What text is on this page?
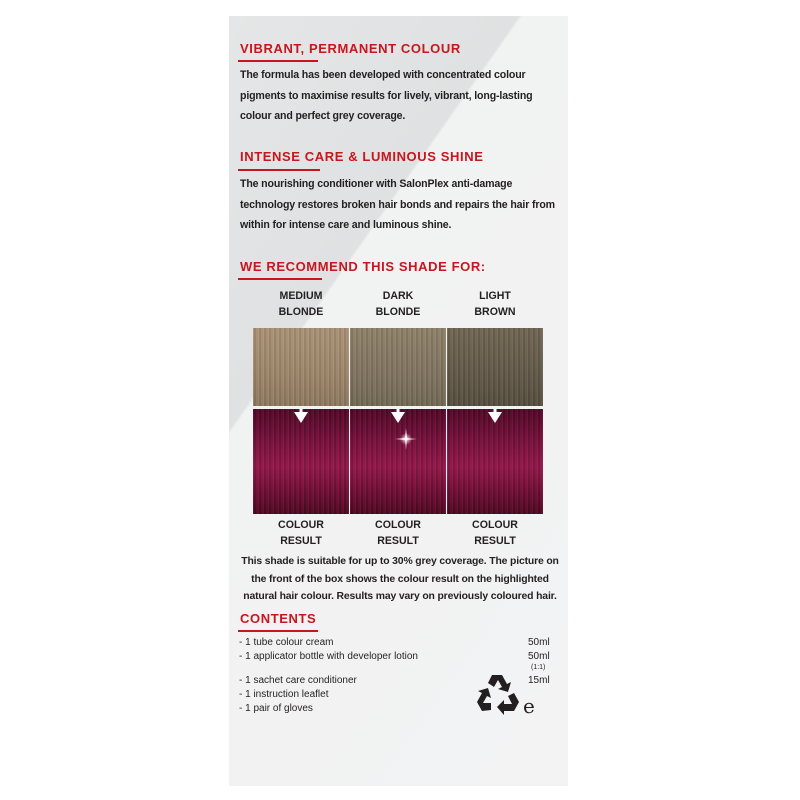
VIBRANT, PERMANENT COLOUR
The formula has been developed with concentrated colour pigments to maximise results for lively, vibrant, long-lasting colour and perfect grey coverage.
INTENSE CARE & LUMINOUS SHINE
The nourishing conditioner with SalonPlex anti-damage technology restores broken hair bonds and repairs the hair from within for intense care and luminous shine.
WE RECOMMEND THIS SHADE FOR:
MEDIUM
BLONDE
DARK
BLONDE
LIGHT
BROWN
COLOUR
RESULT
COLOUR
RESULT
COLOUR
RESULT
This shade is suitable for up to 30% grey coverage. The picture on the front of the box shows the colour result on the highlighted natural hair colour. Results may vary on previously coloured hair.
CONTENTS
- 1 tube colour cream	50ml
- 1 applicator bottle with developer lotion	50ml
(1:1)
- 1 sachet care conditioner	15ml
- 1 instruction leaflet
- 1 pair of gloves	e
